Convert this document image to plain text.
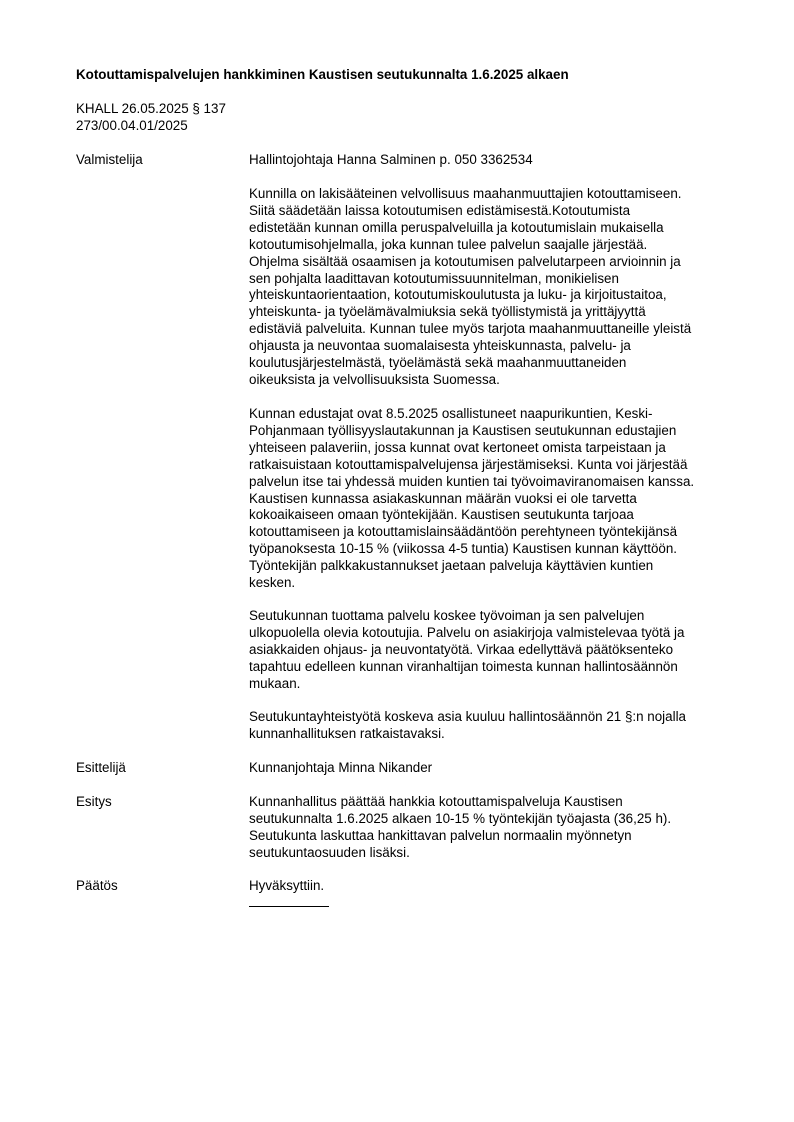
Kotouttamispalvelujen hankkiminen Kaustisen seutukunnalta 1.6.2025 alkaen
KHALL 26.05.2025 § 137
273/00.04.01/2025
Valmistelija	Hallintojohtaja Hanna Salminen p. 050 3362534
Kunnilla on lakisääteinen velvollisuus maahanmuuttajien kotouttamiseen.
Siitä säädetään laissa kotoutumisen edistämisestä.Kotoutumista
edistetään kunnan omilla peruspalveluilla ja kotoutumislain mukaisella
kotoutumisohjelmalla, joka kunnan tulee palvelun saajalle järjestää.
Ohjelma sisältää osaamisen ja kotoutumisen palvelutarpeen arvioinnin ja
sen pohjalta laadittavan kotoutumissuunnitelman, monikielisen
yhteiskuntaorientaation, kotoutumiskoulutusta ja luku- ja kirjoitustaitoa,
yhteiskunta- ja työelämävalmiuksia sekä työllistymistä ja yrittäjyyttä
edistäviä palveluita. Kunnan tulee myös tarjota maahanmuuttaneille yleistä
ohjausta ja neuvontaa suomalaisesta yhteiskunnasta, palvelu- ja
koulutusjärjestelmästä, työelämästä sekä maahanmuuttaneiden
oikeuksista ja velvollisuuksista Suomessa.
Kunnan edustajat ovat 8.5.2025 osallistuneet naapurikuntien, Keski-
Pohjanmaan työllisyyslautakunnan ja Kaustisen seutukunnan edustajien
yhteiseen palaveriin, jossa kunnat ovat kertoneet omista tarpeistaan ja
ratkaisuistaan kotouttamispalvelujensa järjestämiseksi. Kunta voi järjestää
palvelun itse tai yhdessä muiden kuntien tai työvoimaviranomaisen kanssa.
Kaustisen kunnassa asiakaskunnan määrän vuoksi ei ole tarvetta
kokoaikaiseen omaan työntekijään. Kaustisen seutukunta tarjoaa
kotouttamiseen ja kotouttamislainsäädäntöön perehtyneen työntekijänsä
työpanoksesta 10-15 % (viikossa 4-5 tuntia) Kaustisen kunnan käyttöön.
Työntekijän palkkakustannukset jaetaan palveluja käyttävien kuntien
kesken.
Seutukunnan tuottama palvelu koskee työvoiman ja sen palvelujen
ulkopuolella olevia kotoutujia. Palvelu on asiakirjoja valmistelevaa työtä ja
asiakkaiden ohjaus- ja neuvontatyötä. Virkaa edellyttävä päätöksenteko
tapahtuu edelleen kunnan viranhaltijan toimesta kunnan hallintosäännön
mukaan.
Seutukuntayhteistyötä koskeva asia kuuluu hallintosäännön 21 §:n nojalla
kunnanhallituksen ratkaistavaksi.
Esittelijä	Kunnanjohtaja Minna Nikander
Esitys	Kunnanhallitus päättää hankkia kotouttamispalveluja Kaustisen
seutukunnalta 1.6.2025 alkaen 10-15 % työntekijän työajasta (36,25 h).
Seutukunta laskuttaa hankittavan palvelun normaalin myönnetyn
seutukuntaosuuden lisäksi.
Päätös	Hyväksyttiin.
